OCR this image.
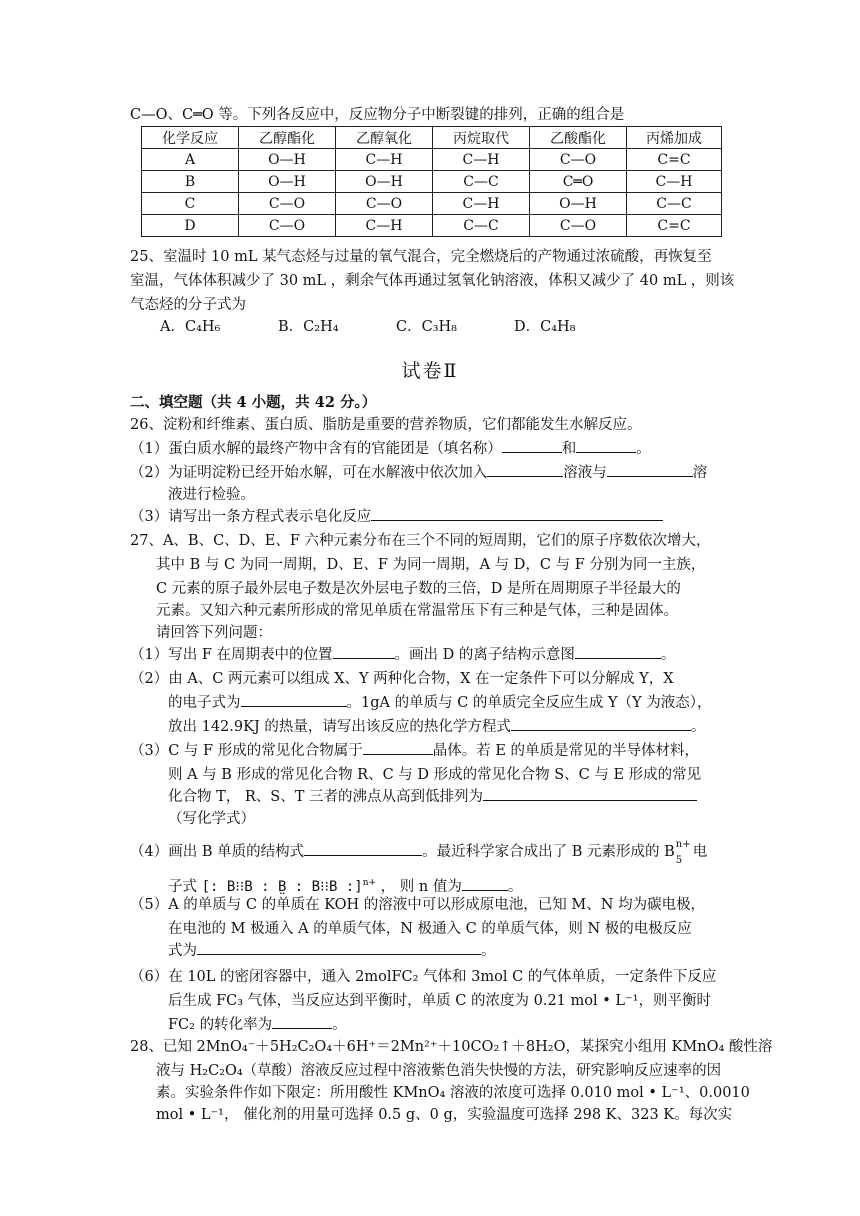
C—O、C═O 等。下列各反应中，反应物分子中断裂键的排列，正确的组合是
化学反应	乙醇酯化	乙醇氧化	丙烷取代	乙酸酯化	丙烯加成
A	O—H	C—H	C—H	C—O	C=C
B	O—H	O—H	C—C	C═O	C—H
C	C—O	C—O	C—H	O—H	C—C
D	C—O	C—H	C—C	C—O	C=C
25、室温时 10 mL 某气态烃与过量的氧气混合，完全燃烧后的产物通过浓硫酸，再恢复至
室温，气体体积减少了 30 mL ，剩余气体再通过氢氧化钠溶液，体积又减少了 40 mL ，则该
气态烃的分子式为
A．C₄H₆	B．C₂H₄	C．C₃H₈	D．C₄H₈
试卷Ⅱ
二、填空题（共 4 小题，共 42 分。）
26、淀粉和纤维素、蛋白质、脂肪是重要的营养物质，它们都能发生水解反应。
（1）蛋白质水解的最终产物中含有的官能团是（填名称）	和	。
（2）为证明淀粉已经开始水解，可在水解液中依次加入	溶液与	溶
液进行检验。
（3）请写出一条方程式表示皂化反应
27、A、B、C、D、E、F 六种元素分布在三个不同的短周期，它们的原子序数依次增大，
其中 B 与 C 为同一周期，D、E、F 为同一周期，A 与 D，C 与 F 分别为同一主族，
C 元素的原子最外层电子数是次外层电子数的三倍，D 是所在周期原子半径最大的
元素。又知六种元素所形成的常见单质在常温常压下有三种是气体，三种是固体。
请回答下列问题：
（1）写出 F 在周期表中的位置	。画出 D 的离子结构示意图	。
（2）由 A、C 两元素可以组成 X、Y 两种化合物，X 在一定条件下可以分解成 Y，X
的电子式为	。1gA 的单质与 C 的单质完全反应生成 Y（Y 为液态），
放出 142.9KJ 的热量，请写出该反应的热化学方程式	。
（3）C 与 F 形成的常见化合物属于	晶体。若 E 的单质是常见的半导体材料，
则 A 与 B 形成的常见化合物 R、C 与 D 形成的常见化合物 S、C 与 E 形成的常见
化合物 T， R、S、T 三者的沸点从高到低排列为
（写化学式）
（4）画出 B 单质的结构式	。最近科学家合成出了 B 元素形成的 B n+
5
电
子式 [: B⁝⁝B : B̤ : B⁝⁝B :]$^{n+}$ ， 则 n 值为	。
（5）A 的单质与 C 的单质在 KOH 的溶液中可以形成原电池，已知 M、N 均为碳电极，
在电池的 M 极通入 A 的单质气体，N 极通入 C 的单质气体，则 N 极的电极反应
式为	。
（6）在 10L 的密闭容器中，通入 2molFC₂ 气体和 3mol C 的气体单质，一定条件下反应
后生成 FC₃ 气体，当反应达到平衡时，单质 C 的浓度为 0.21 mol • L⁻¹，则平衡时
FC₂ 的转化率为	。
28、已知 2MnO₄⁻＋5H₂C₂O₄＋6H⁺＝2Mn²⁺＋10CO₂↑＋8H₂O，某探究小组用 KMnO₄ 酸性溶
液与 H₂C₂O₄（草酸）溶液反应过程中溶液紫色消失快慢的方法，研究影响反应速率的因
素。实验条件作如下限定：所用酸性 KMnO₄ 溶液的浓度可选择 0.010 mol • L⁻¹、0.0010
mol • L⁻¹， 催化剂的用量可选择 0.5 g、0 g，实验温度可选择 298 K、323 K。每次实
